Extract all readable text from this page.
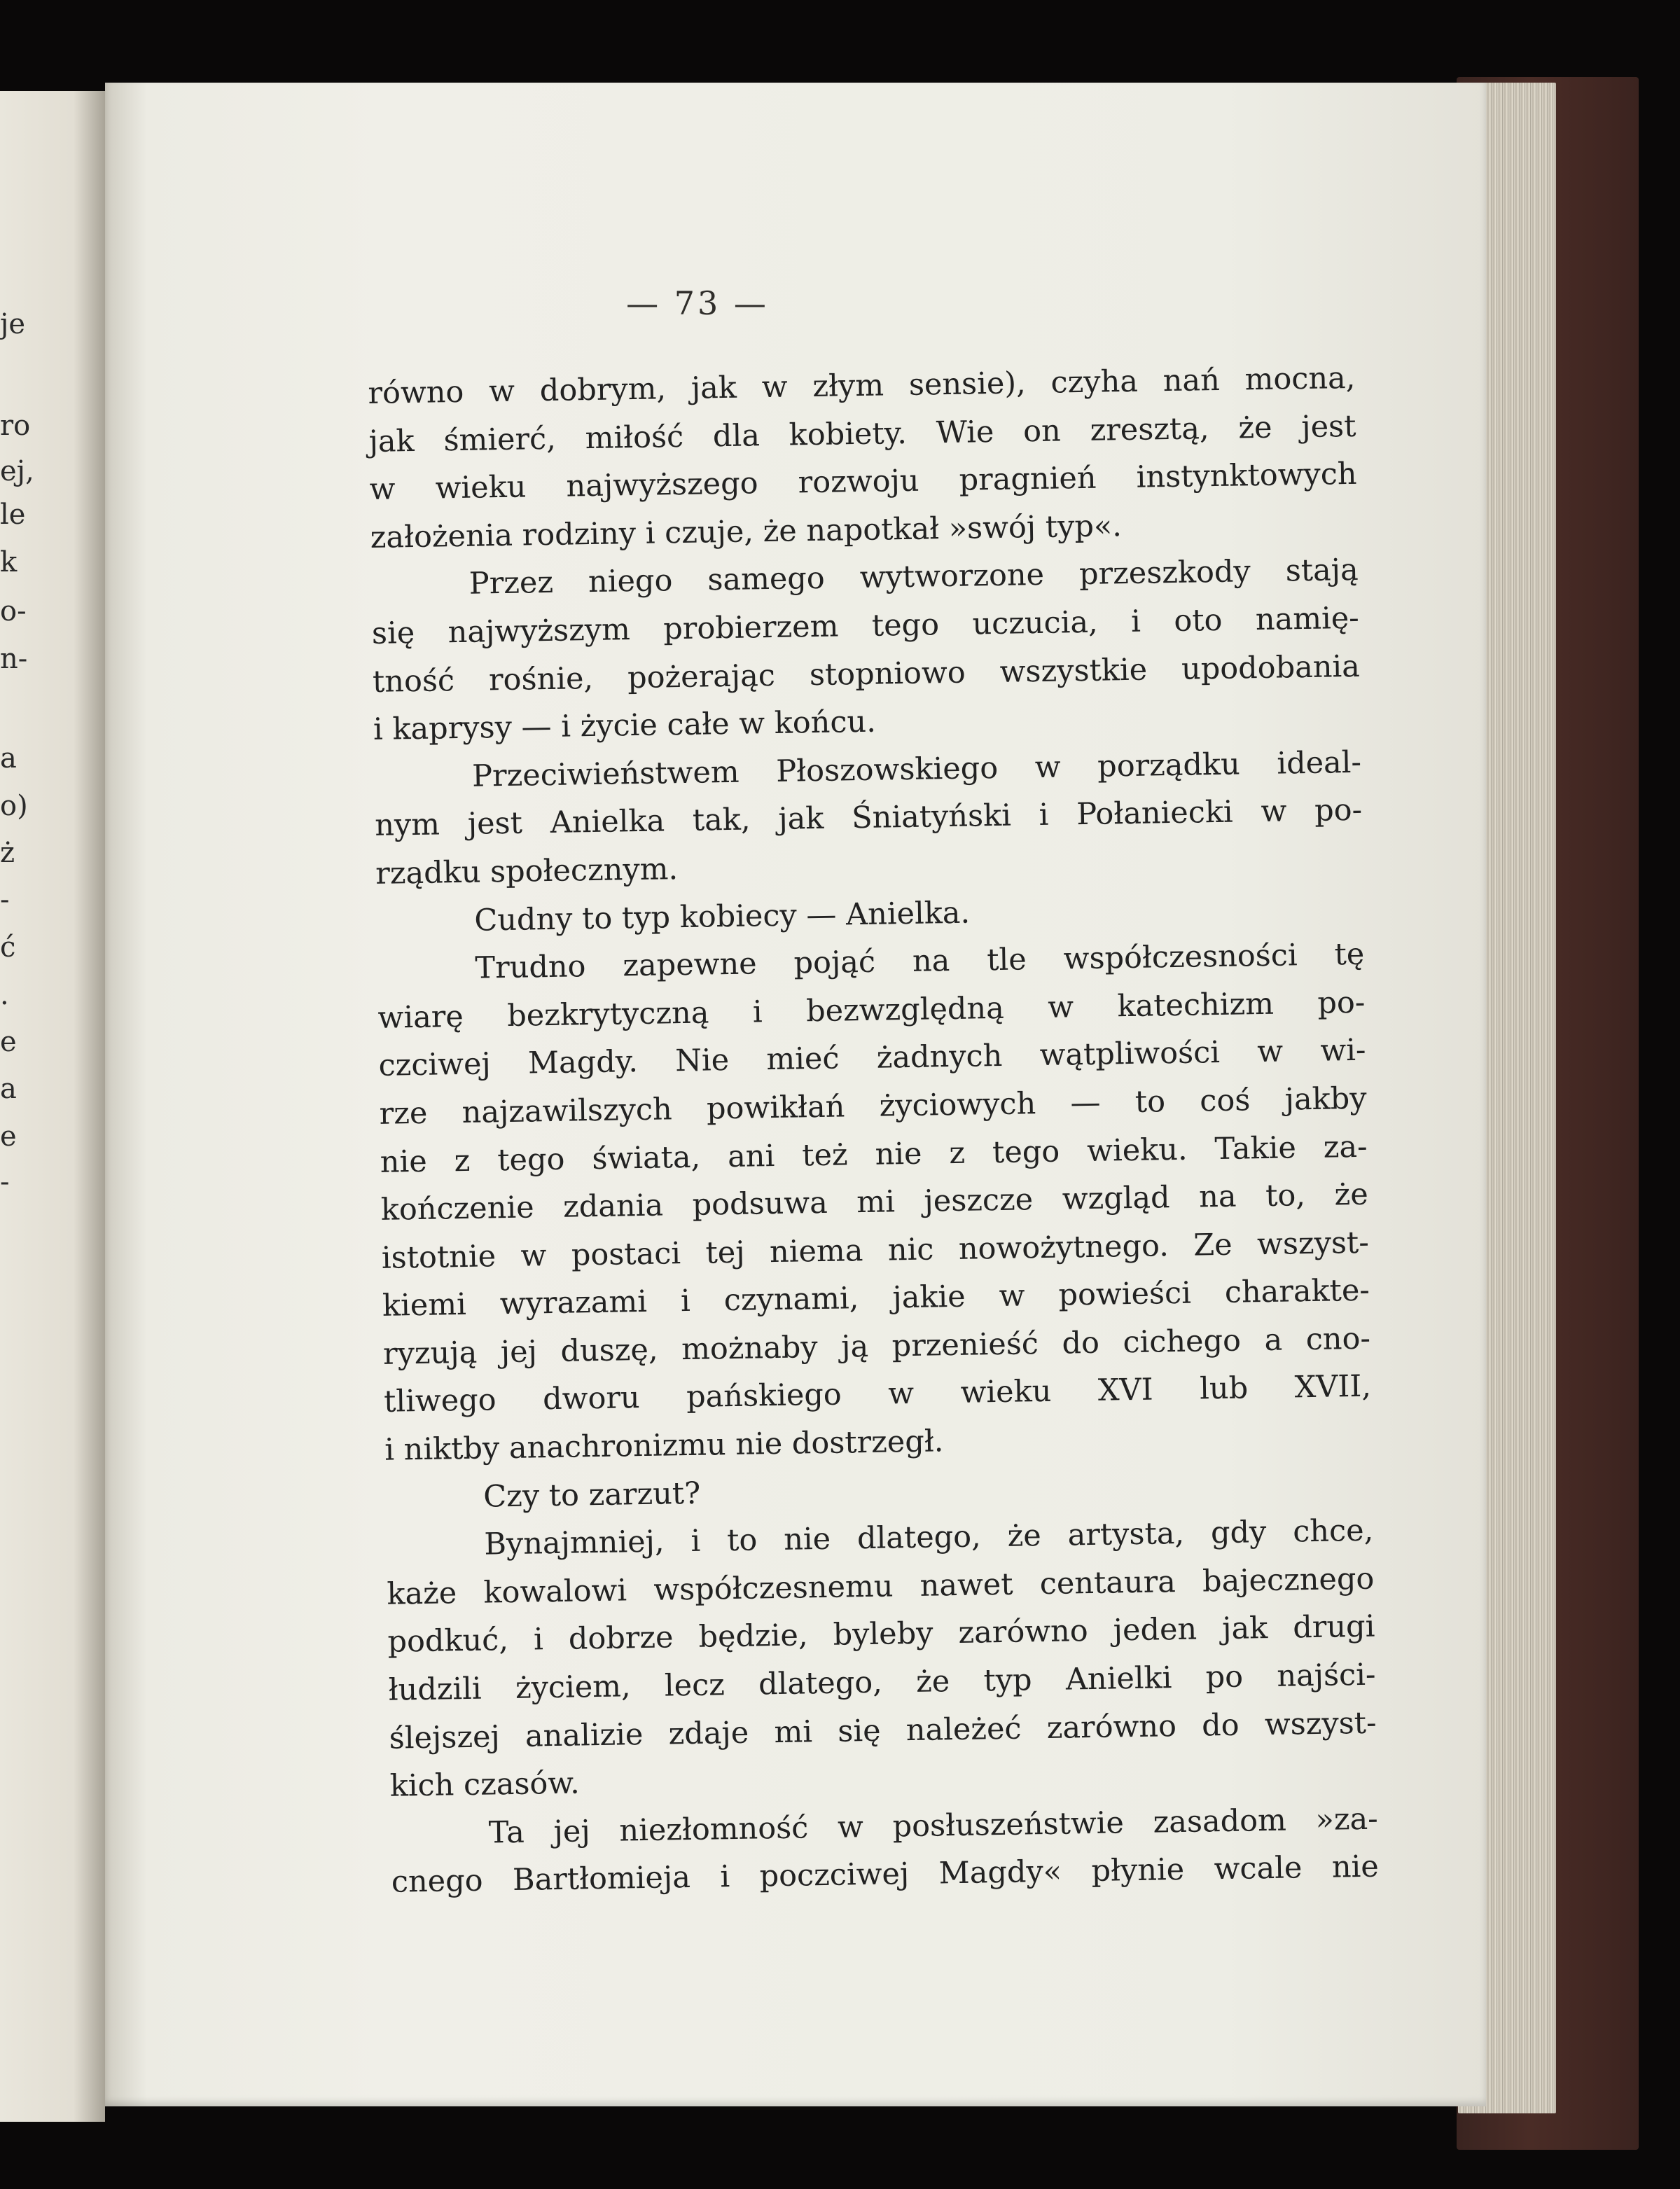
je
ro
ej,
le
k
o-
n-
a
o)
ż
-
ć
.
e
a
e
-
— 73 —
równo w dobrym, jak w złym sensie), czyha nań mocna,
jak śmierć, miłość dla kobiety. Wie on zresztą, że jest
w wieku najwyższego rozwoju pragnień instynktowych
założenia rodziny i czuje, że napotkał »swój typ«.
Przez niego samego wytworzone przeszkody stają
się najwyższym probierzem tego uczucia, i oto namię-
tność rośnie, pożerając stopniowo wszystkie upodobania
i kaprysy — i życie całe w końcu.
Przeciwieństwem Płoszowskiego w porządku ideal-
nym jest Anielka tak, jak Śniatyński i Połaniecki w po-
rządku społecznym.
Cudny to typ kobiecy — Anielka.
Trudno zapewne pojąć na tle współczesności tę
wiarę bezkrytyczną i bezwzględną w katechizm po-
czciwej Magdy. Nie mieć żadnych wątpliwości w wi-
rze najzawilszych powikłań życiowych — to coś jakby
nie z tego świata, ani też nie z tego wieku. Takie za-
kończenie zdania podsuwa mi jeszcze wzgląd na to, że
istotnie w postaci tej niema nic nowożytnego. Ze wszyst-
kiemi wyrazami i czynami, jakie w powieści charakte-
ryzują jej duszę, możnaby ją przenieść do cichego a cno-
tliwego dworu pańskiego w wieku XVI lub XVII,
i niktby anachronizmu nie dostrzegł.
Czy to zarzut?
Bynajmniej, i to nie dlatego, że artysta, gdy chce,
każe kowalowi współczesnemu nawet centaura bajecznego
podkuć, i dobrze będzie, byleby zarówno jeden jak drugi
łudzili życiem, lecz dlatego, że typ Anielki po najści-
ślejszej analizie zdaje mi się należeć zarówno do wszyst-
kich czasów.
Ta jej niezłomność w posłuszeństwie zasadom »za-
cnego Bartłomieja i poczciwej Magdy« płynie wcale nie
